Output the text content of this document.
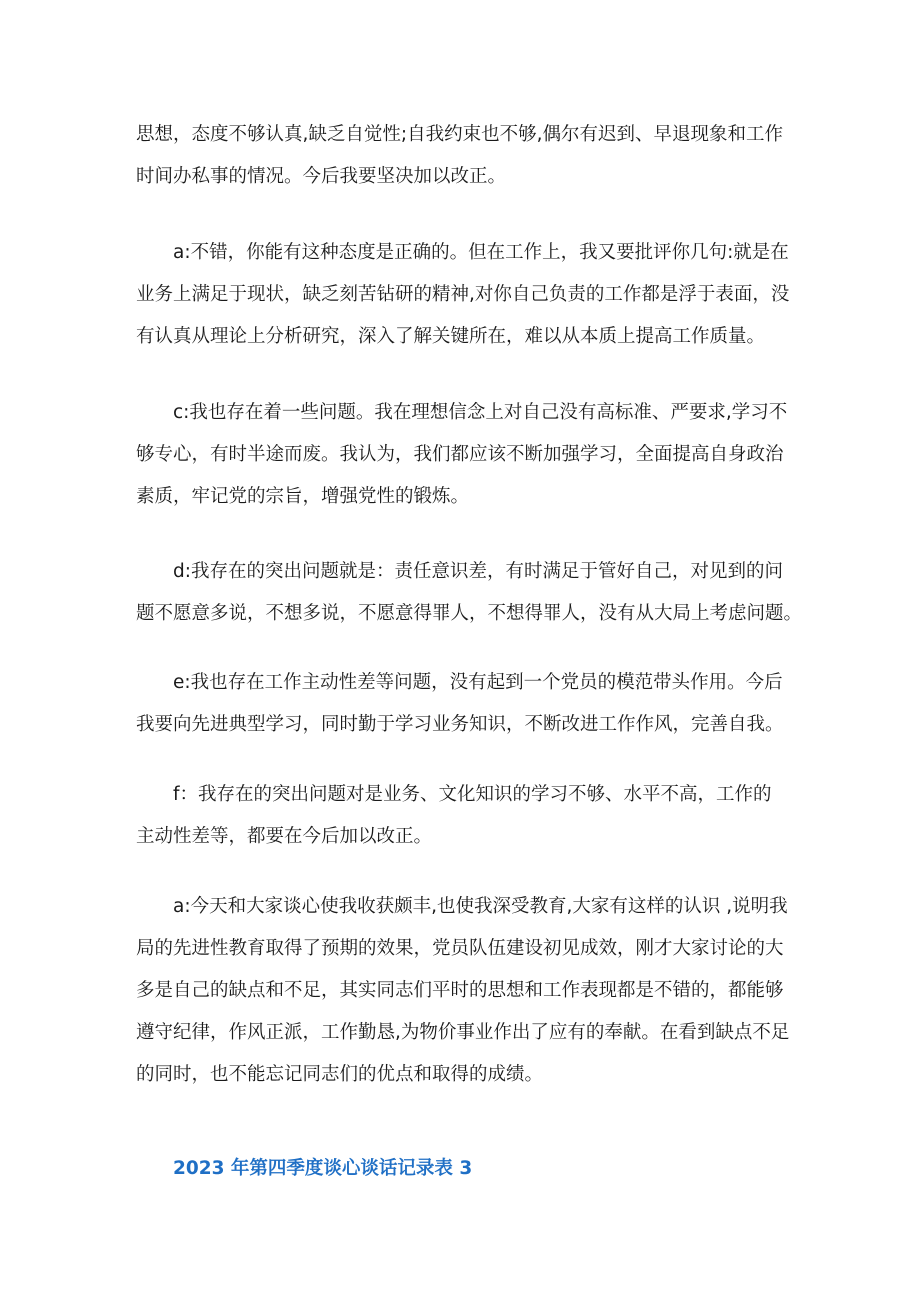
思想，态度不够认真,缺乏自觉性;自我约束也不够,偶尔有迟到、早退现象和工作
时间办私事的情况。今后我要坚决加以改正。

a:不错，你能有这种态度是正确的。但在工作上，我又要批评你几句:就是在
业务上满足于现状，缺乏刻苦钻研的精神,对你自己负责的工作都是浮于表面，没
有认真从理论上分析研究，深入了解关键所在，难以从本质上提高工作质量。

c:我也存在着一些问题。我在理想信念上对自己没有高标准、严要求,学习不
够专心，有时半途而废。我认为，我们都应该不断加强学习，全面提高自身政治
素质，牢记党的宗旨，增强党性的锻炼。

d:我存在的突出问题就是：责任意识差，有时满足于管好自己，对见到的问
题不愿意多说，不想多说，不愿意得罪人，不想得罪人，没有从大局上考虑问题。

e:我也存在工作主动性差等问题，没有起到一个党员的模范带头作用。今后
我要向先进典型学习，同时勤于学习业务知识，不断改进工作作风，完善自我。

f：我存在的突出问题对是业务、文化知识的学习不够、水平不高，工作的
主动性差等，都要在今后加以改正。

a:今天和大家谈心使我收获颇丰,也使我深受教育,大家有这样的认识 ,说明我
局的先进性教育取得了预期的效果，党员队伍建设初见成效，刚才大家讨论的大
多是自己的缺点和不足，其实同志们平时的思想和工作表现都是不错的，都能够
遵守纪律，作风正派，工作勤恳,为物价事业作出了应有的奉献。在看到缺点不足
的同时，也不能忘记同志们的优点和取得的成绩。

2023 年第四季度谈心谈话记录表 3
